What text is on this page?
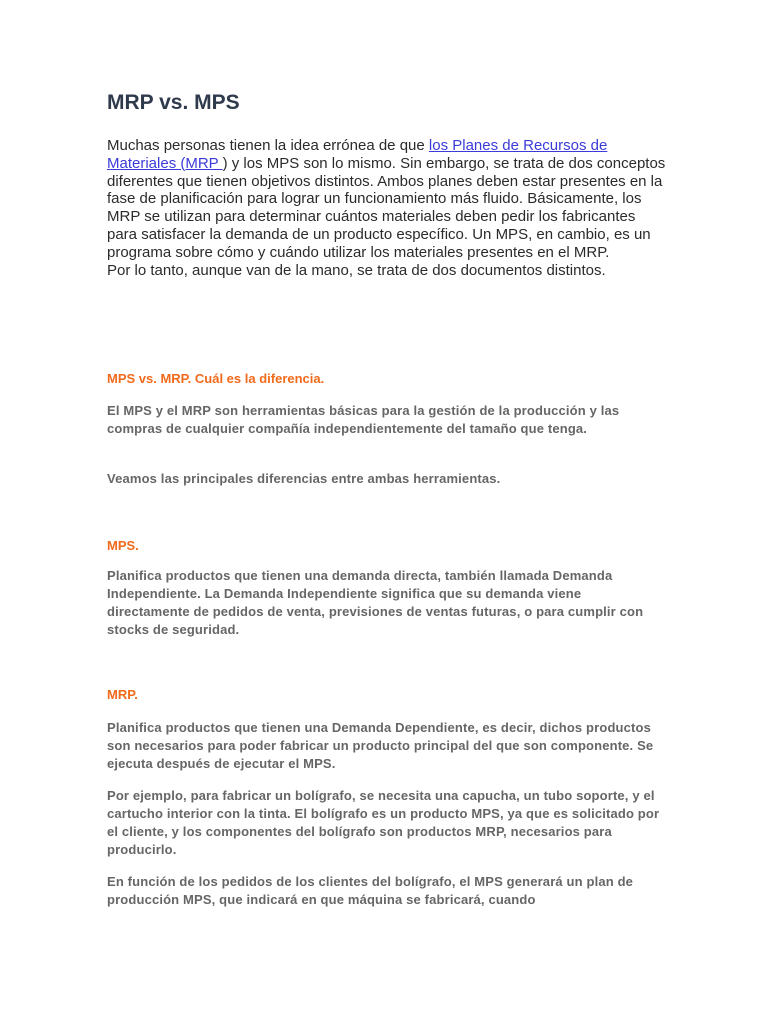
MRP vs. MPS

Muchas personas tienen la idea errónea de que los Planes de Recursos de Materiales (MRP ) y los MPS son lo mismo. Sin embargo, se trata de dos conceptos diferentes que tienen objetivos distintos. Ambos planes deben estar presentes en la fase de planificación para lograr un funcionamiento más fluido. Básicamente, los MRP se utilizan para determinar cuántos materiales deben pedir los fabricantes para satisfacer la demanda de un producto específico. Un MPS, en cambio, es un programa sobre cómo y cuándo utilizar los materiales presentes en el MRP.
Por lo tanto, aunque van de la mano, se trata de dos documentos distintos.

MPS vs. MRP. Cuál es la diferencia.

El MPS y el MRP son herramientas básicas para la gestión de la producción y las compras de cualquier compañía independientemente del tamaño que tenga.

Veamos las principales diferencias entre ambas herramientas.

MPS.

Planifica productos que tienen una demanda directa, también llamada Demanda Independiente. La Demanda Independiente significa que su demanda viene directamente de pedidos de venta, previsiones de ventas futuras, o para cumplir con stocks de seguridad.

MRP.

Planifica productos que tienen una Demanda Dependiente, es decir, dichos productos son necesarios para poder fabricar un producto principal del que son componente. Se ejecuta después de ejecutar el MPS.

Por ejemplo, para fabricar un bolígrafo, se necesita una capucha, un tubo soporte, y el cartucho interior con la tinta. El bolígrafo es un producto MPS, ya que es solicitado por el cliente, y los componentes del bolígrafo son productos MRP, necesarios para producirlo.

En función de los pedidos de los clientes del bolígrafo, el MPS generará un plan de producción MPS, que indicará en que máquina se fabricará, cuando
